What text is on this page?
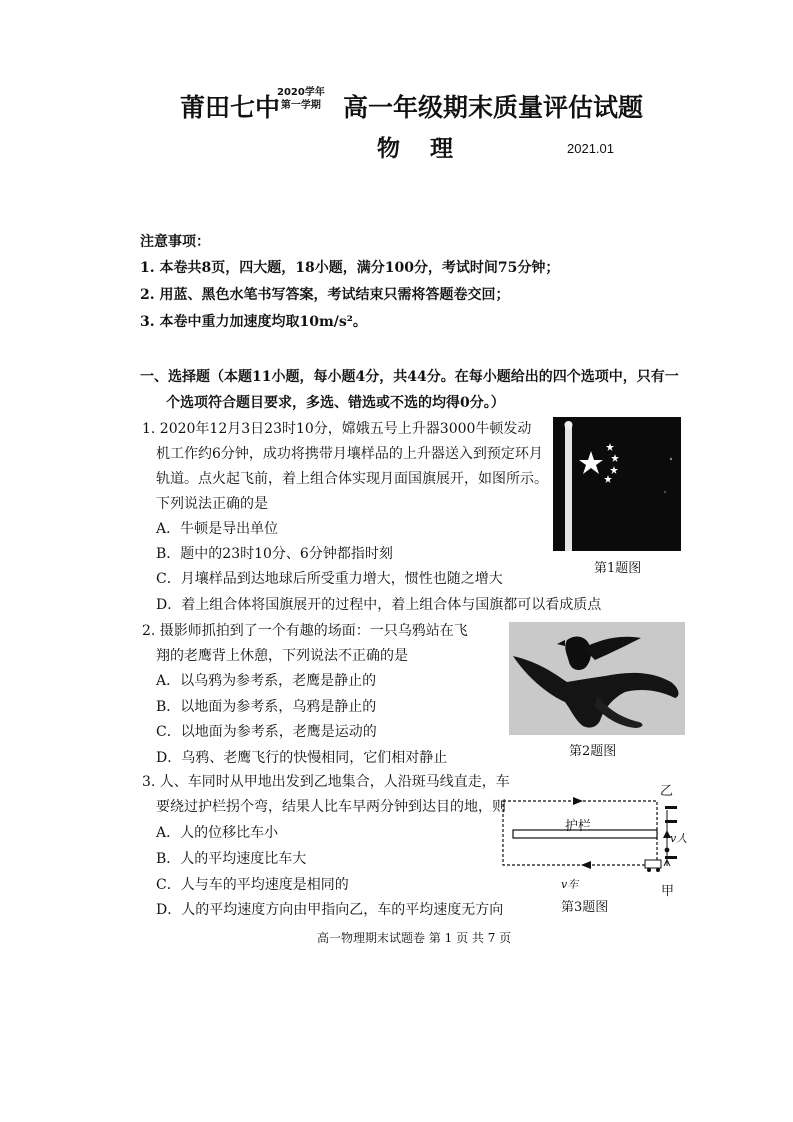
莆田七中
2020学年
第一学期 高一年级期末质量评估试题
物理	2021.01
注意事项：
1. 本卷共8页，四大题，18小题，满分100分，考试时间75分钟；
2. 用蓝、黑色水笔书写答案，考试结束只需将答题卷交回；
3. 本卷中重力加速度均取10m/s²。
一、选择题（本题11小题，每小题4分，共44分。在每小题给出的四个选项中，只有一
个选项符合题目要求，多选、错选或不选的均得0分。）
1. 2020年12月3日23时10分，嫦娥五号上升器3000牛顿发动
机工作约6分钟，成功将携带月壤样品的上升器送入到预定环月
轨道。点火起飞前，着上组合体实现月面国旗展开，如图所示。
下列说法正确的是
A．牛顿是导出单位
B．题中的23时10分、6分钟都指时刻
C．月壤样品到达地球后所受重力增大，惯性也随之增大
D．着上组合体将国旗展开的过程中，着上组合体与国旗都可以看成质点
第1题图
2. 摄影师抓拍到了一个有趣的场面：一只乌鸦站在飞
翔的老鹰背上休憩，下列说法不正确的是
A．以乌鸦为参考系，老鹰是静止的
B．以地面为参考系，乌鸦是静止的
C．以地面为参考系，老鹰是运动的
D．乌鸦、老鹰飞行的快慢相同，它们相对静止	第2题图
3. 人、车同时从甲地出发到乙地集合，人沿斑马线直走，车
要绕过护栏拐个弯，结果人比车早两分钟到达目的地，则
A．人的位移比车小
B．人的平均速度比车大
C．人与车的平均速度是相同的
D．人的平均速度方向由甲指向乙，车的平均速度无方向
乙
甲
护栏
v人
v车
第3题图
高一物理期末试题卷 第 1 页 共 7 页
